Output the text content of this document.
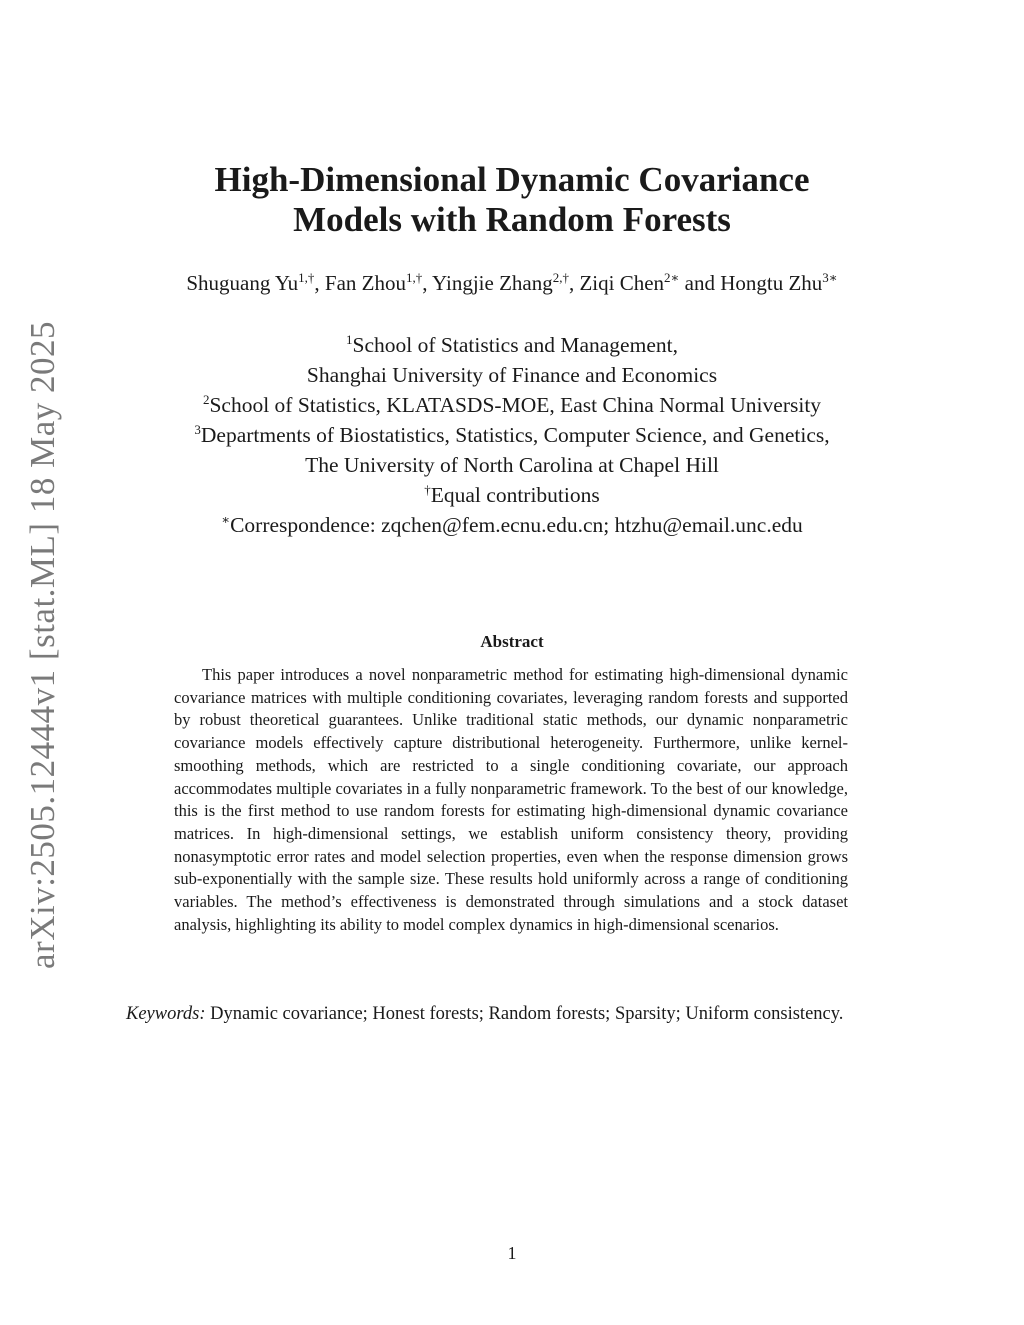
arXiv:2505.12444v1 [stat.ML] 18 May 2025
High-Dimensional Dynamic Covariance
Models with Random Forests
Shuguang $Yu^{1,\dagger}$, Fan Zhou$^{1,\dagger}$, Yingjie Zhang$^{2,\dagger}$, Ziqi Chen$^{2∗}$ and Hongtu Zhu$^{3∗}$
$^1$School of Statistics and Management,
Shanghai University of Finance and Economics
$^2$School of Statistics, KLATASDS-MOE, East China Normal University
$^3$Departments of Biostatistics, Statistics, Computer Science, and Genetics,
The University of North Carolina at Chapel Hill
†Equal contributions
∗Correspondence: zqchen@fem.ecnu.edu.cn; htzhu@email.unc.edu
Abstract
This paper introduces a novel nonparametric method for estimating high-dimensional dynamic covariance matrices with multiple conditioning covariates, leveraging random forests and supported by robust theoretical guarantees. Unlike traditional static methods, our dynamic nonparametric covariance models effectively capture distributional heterogeneity. Furthermore, unlike kernel-smoothing methods, which are restricted to a single conditioning covariate, our approach accommodates multiple covariates in a fully nonparametric framework. To the best of our knowledge, this is the first method to use random forests for estimating high-dimensional dynamic covariance matrices. In high-dimensional settings, we establish uniform consistency theory, providing nonasymptotic error rates and model selection properties, even when the response dimension grows sub-exponentially with the sample size. These results hold uniformly across a range of conditioning variables. The method’s effectiveness is demonstrated through simulations and a stock dataset analysis, highlighting its ability to model complex dynamics in high-dimensional scenarios.
Keywords: Dynamic covariance; Honest forests; Random forests; Sparsity; Uniform consistency.
1
